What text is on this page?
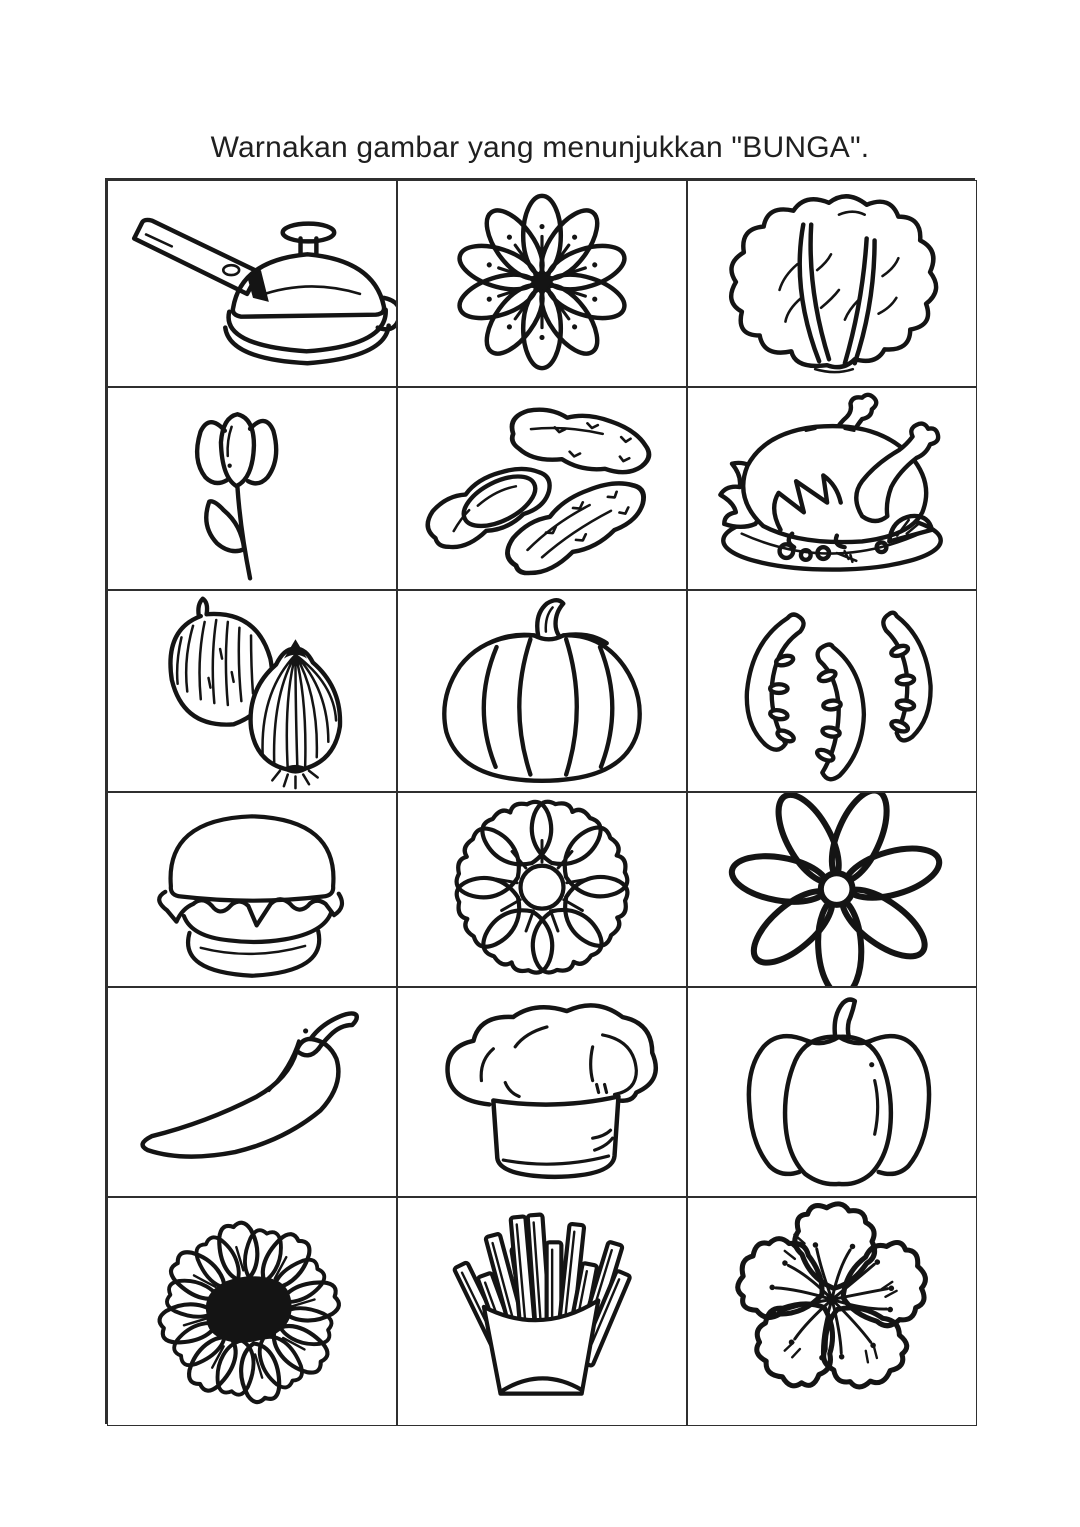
Warnakan gambar yang menunjukkan "BUNGA".
